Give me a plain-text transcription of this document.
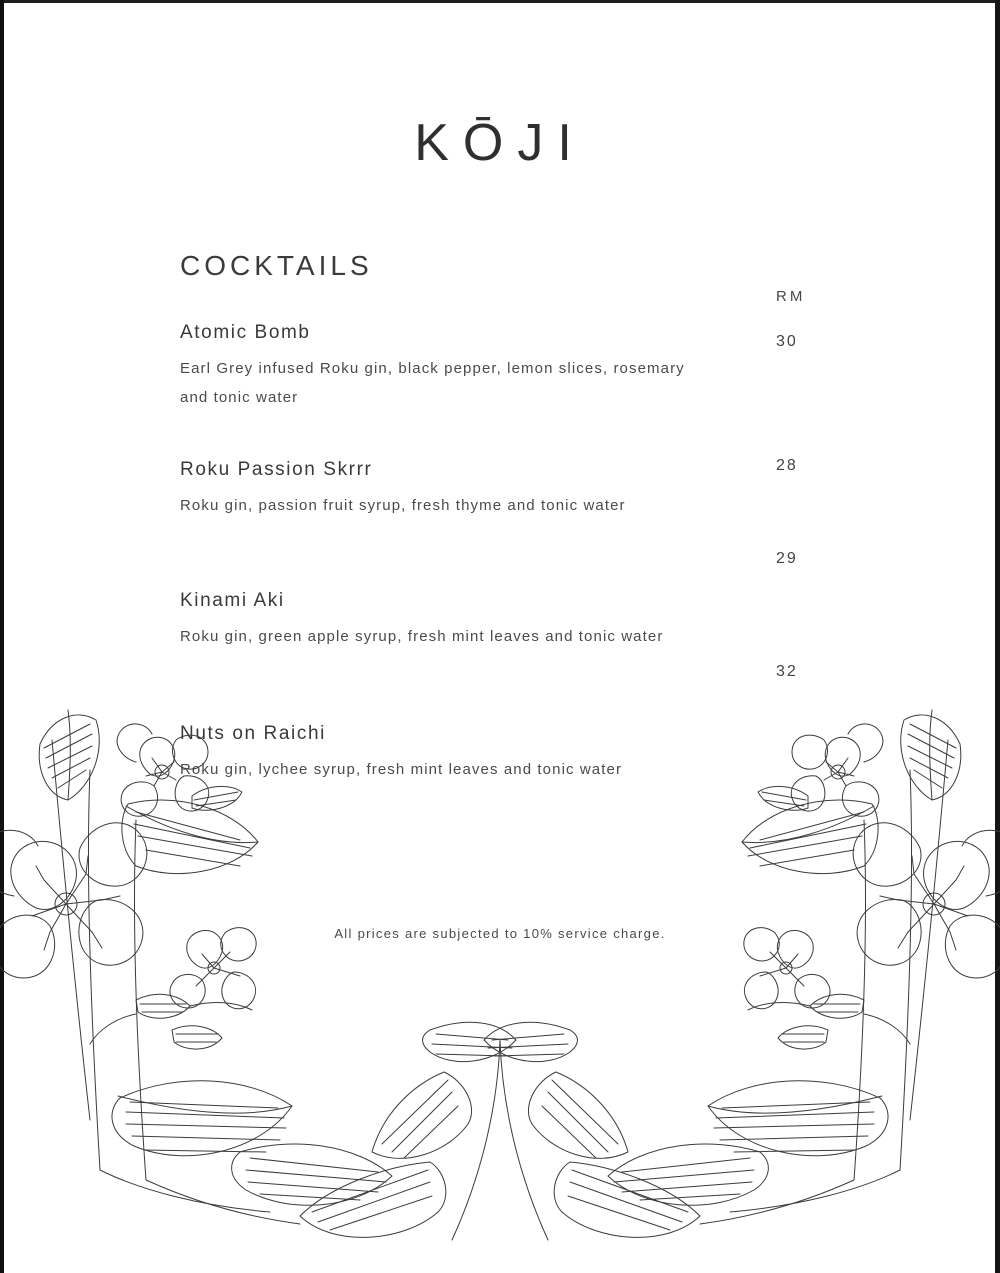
KŌJI
COCKTAILS
RM

Atomic Bomb

Earl Grey infused Roku gin, black pepper, lemon slices, rosemary and tonic water

Roku Passion Skrrr

Roku gin, passion fruit syrup, fresh thyme and tonic water

Kinami Aki

Roku gin, green apple syrup, fresh mint leaves and tonic water

Nuts on Raichi

Roku gin, lychee syrup, fresh mint leaves and tonic water

30
28
29
32
All prices are subjected to 10% service charge.
